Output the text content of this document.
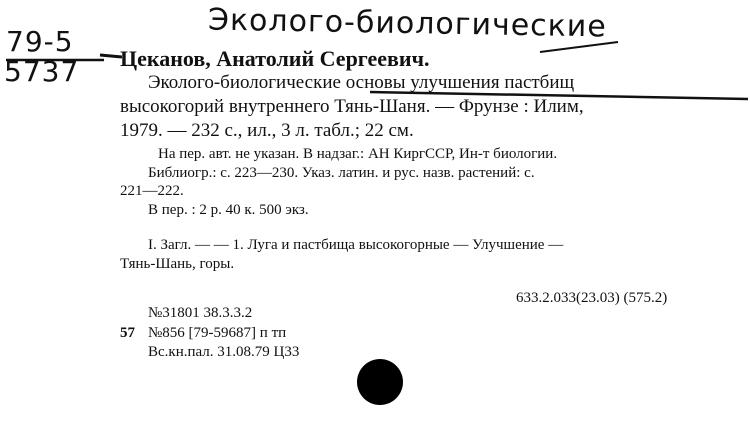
Эколого-биологические
79-5
5737 Цеканов, Анатолий Сергеевич.
Эколого-биологические основы улучшения пастбищ
высокогорий внутреннего Тянь-Шаня. — Фрунзе : Илим,
1979. — 232 с., ил., 3 л. табл.; 22 см.
На пер. авт. не указан. В надзаг.: АН КиргССР, Ин-т биологии.
Библиогр.: с. 223—230. Указ. латин. и рус. назв. растений: с.
221—222.
В пер. : 2 р. 40 к. 500 экз.
I. Загл. — — 1. Луга и пастбища высокогорные — Улучшение —
Тянь-Шань, горы.
633.2.033(23.03) (575.2)
№31801 38.3.3.2
57 №856 [79-59687] п тп
Вс.кн.пал. 31.08.79 Ц33
